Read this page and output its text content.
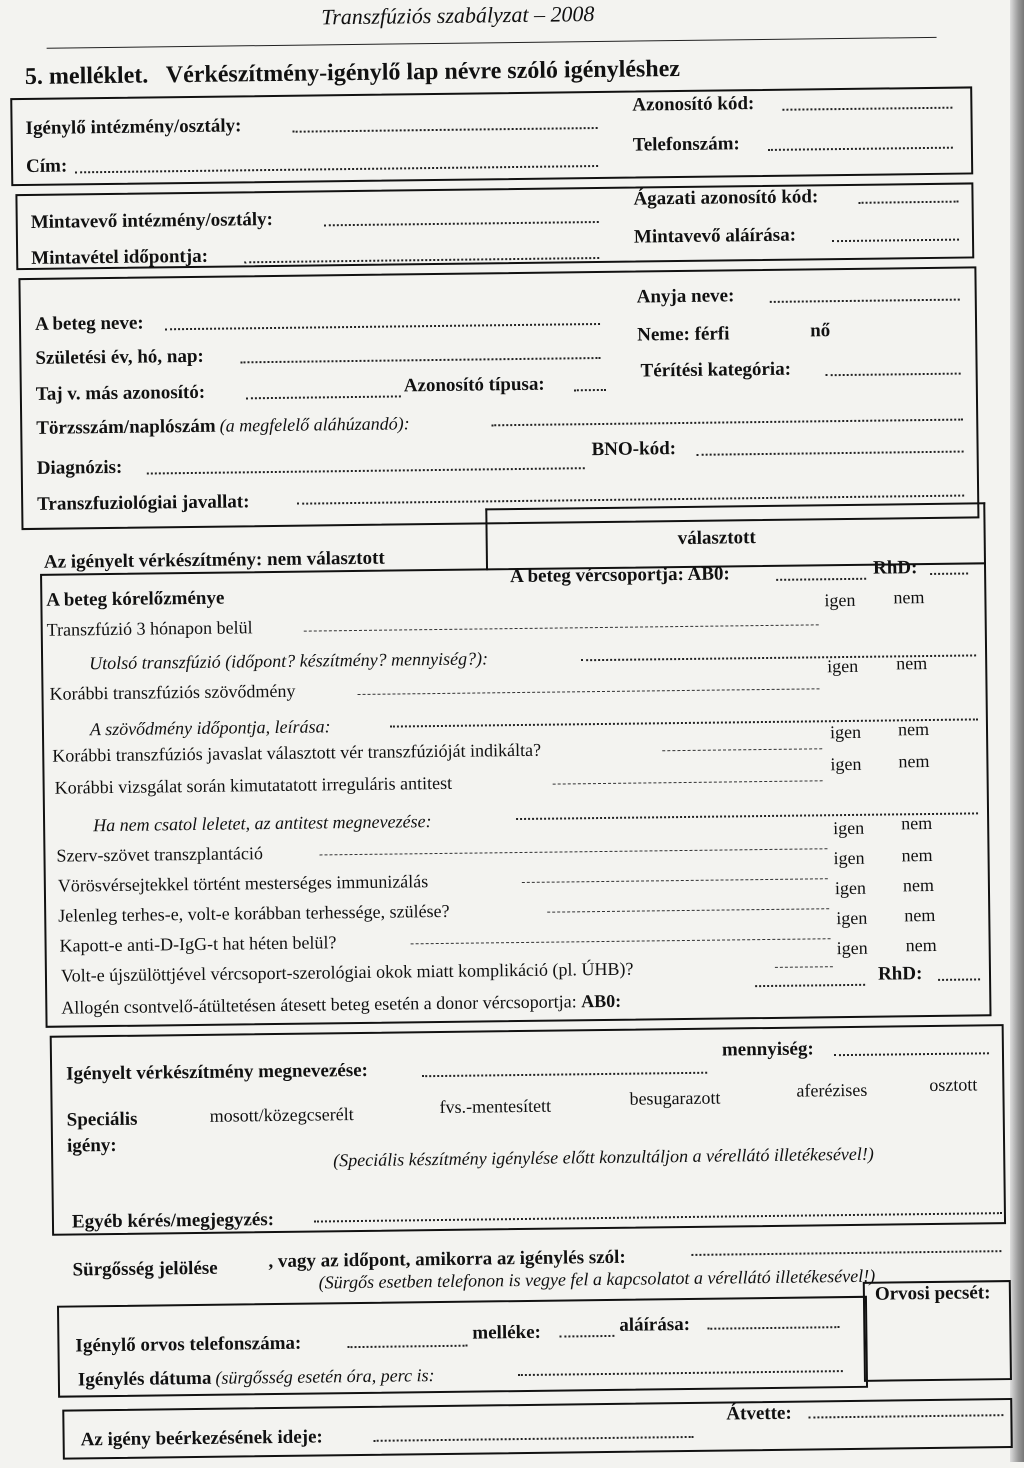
Transzfúziós szabályzat – 2008
5. melléklet. Vérkészítmény-igénylő lap névre szóló igényléshez
Igénylő intézmény/osztály:
Cím:
Azonosító kód:
Telefonszám:
Mintavevő intézmény/osztály:
Mintavétel időpontja:
Ágazati azonosító kód:
Mintavevő aláírása:
A beteg neve:
Születési év, hó, nap:
Taj v. más azonosító:	Azonosító típusa:
Anyja neve:
Neme: férfi	nő
Térítési kategória:
Törzsszám/naplószám (a megfelelő aláhúzandó):
Diagnózis:
BNO-kód:
Transzfuziológiai javallat:
Az igényelt vérkészítmény: nem választott
választott
A beteg vércsoportja: AB0:	RhD:
A beteg kórelőzménye
Transzfúzió 3 hónapon belül
igen nem
Utolsó transzfúzió (időpont? készítmény? mennyiség?):
Korábbi transzfúziós szövődmény
igen nem
A szövődmény időpontja, leírása:
Korábbi transzfúziós javaslat választott vér transzfúzióját indikálta?
igen nem
Korábbi vizsgálat során kimutatatott irreguláris antitest
igen nem
Ha nem csatol leletet, az antitest megnevezése:
Szerv-szövet transzplantáció
igen nem
Vörösvérsejtekkel történt mesterséges immunizálás
igen nem
Jelenleg terhes-e, volt-e korábban terhessége, szülése?
igen nem
Kapott-e anti-D-IgG-t hat héten belül?
igen nem
Volt-e újszülöttjével vércsoport-szerológiai okok miatt komplikáció (pl. ÚHB)?
igen nem
Allogén csontvelő-átültetésen átesett beteg esetén a donor vércsoportja: AB0:
RhD:
Igényelt vérkészítmény megnevezése:
mennyiség:
Speciális
igény:
mosott/közegcserélt	fvs.-mentesített	besugarazott	aferézises	osztott
(Speciális készítmény igénylése előtt konzultáljon a vérellátó illetékesével!)
Egyéb kérés/megjegyzés:
Sürgősség jelölése	, vagy az időpont, amikorra az igénylés szól:
(Sürgős esetben telefonon is vegye fel a kapcsolatot a vérellátó illetékesével!)
Orvosi pecsét:
Igénylő orvos telefonszáma:
melléke:	aláírása:
Igénylés dátuma (sürgősség esetén óra, perc is:
Az igény beérkezésének ideje:
Átvette:
